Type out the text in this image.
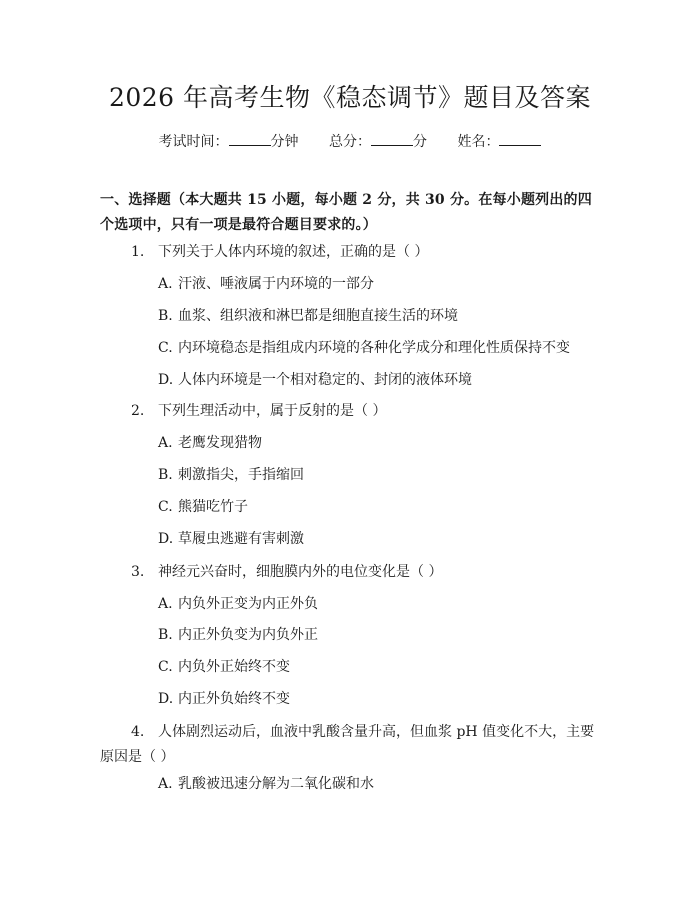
2026 年高考生物《稳态调节》题目及答案
考试时间：	分钟 总分：	分 姓名：
一、选择题（本大题共 15 小题，每小题 2 分，共 30 分。在每小题列出的四个选项中，只有一项是最符合题目要求的。）
1. 下列关于人体内环境的叙述，正确的是（ ）
A. 汗液、唾液属于内环境的一部分
B. 血浆、组织液和淋巴都是细胞直接生活的环境
C. 内环境稳态是指组成内环境的各种化学成分和理化性质保持不变
D. 人体内环境是一个相对稳定的、封闭的液体环境
2. 下列生理活动中，属于反射的是（ ）
A. 老鹰发现猎物
B. 刺激指尖，手指缩回
C. 熊猫吃竹子
D. 草履虫逃避有害刺激
3. 神经元兴奋时，细胞膜内外的电位变化是（ ）
A. 内负外正变为内正外负
B. 内正外负变为内负外正
C. 内负外正始终不变
D. 内正外负始终不变
4. 人体剧烈运动后，血液中乳酸含量升高，但血浆 pH 值变化不大，主要原因是（ ）
A. 乳酸被迅速分解为二氧化碳和水
